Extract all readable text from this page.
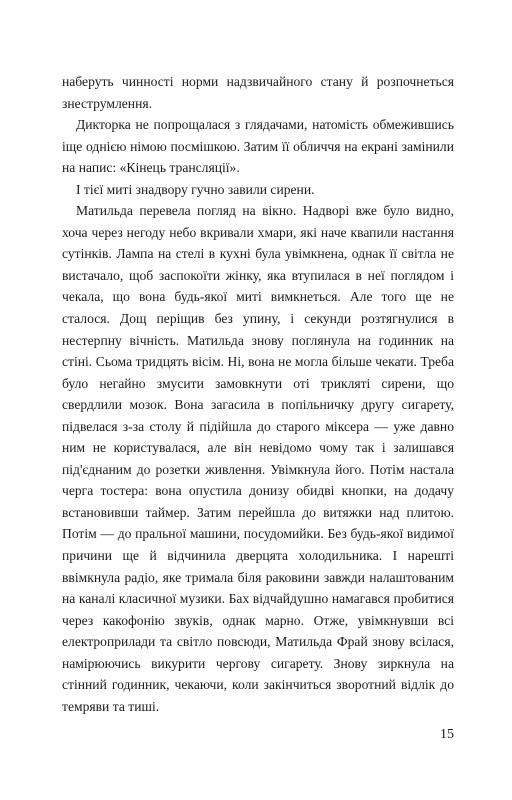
наберуть чинності норми надзвичайного стану й розпочнеться знеструмлення.

Дикторка не попрощалася з глядачами, натомість обмежившись іще однією німою посмішкою. Затим її обличчя на екрані замінили на напис: «Кінець трансляції».

І тієї миті знадвору гучно завили сирени.

Матильда перевела погляд на вікно. Надворі вже було видно, хоча через негоду небо вкривали хмари, які наче квапили настання сутінків. Лампа на стелі в кухні була увімкнена, однак її світла не вистачало, щоб заспокоїти жінку, яка втупилася в неї поглядом і чекала, що вона будь-якої миті вимкнеться. Але того ще не сталося. Дощ періщив без упину, і секунди розтягнулися в нестерпну вічність. Матильда знову поглянула на годинник на стіні. Сьома тридцять вісім. Ні, вона не могла більше чекати. Треба було негайно змусити замовкнути оті триклятi сирени, що свердлили мозок. Вона загасила в попільничку другу сигарету, підвелася з-за столу й підійшла до старого міксера — уже давно ним не користувалася, але він невідомо чому так і залишався під'єднаним до розетки живлення. Увімкнула його. Потім настала черга тостера: вона опустила донизу обидві кнопки, на додачу встановивши таймер. Затим перейшла до витяжки над плитою. Потім — до пральної машини, посудомийки. Без будь-якої видимої причини ще й відчинила дверцята холодильника. І нарешті ввімкнула радіо, яке тримала біля раковини завжди налаштованим на каналі класичної музики. Бах відчайдушно намагався пробитися через какофонію звуків, однак марно. Отже, увімкнувши всі електроприлади та світло повсюди, Матильда Фрай знову всілася, намірюючись викурити чергову сигарету. Знову зиркнула на стінний годинник, чекаючи, коли закінчиться зворотний відлік до темряви та тиші.

15
